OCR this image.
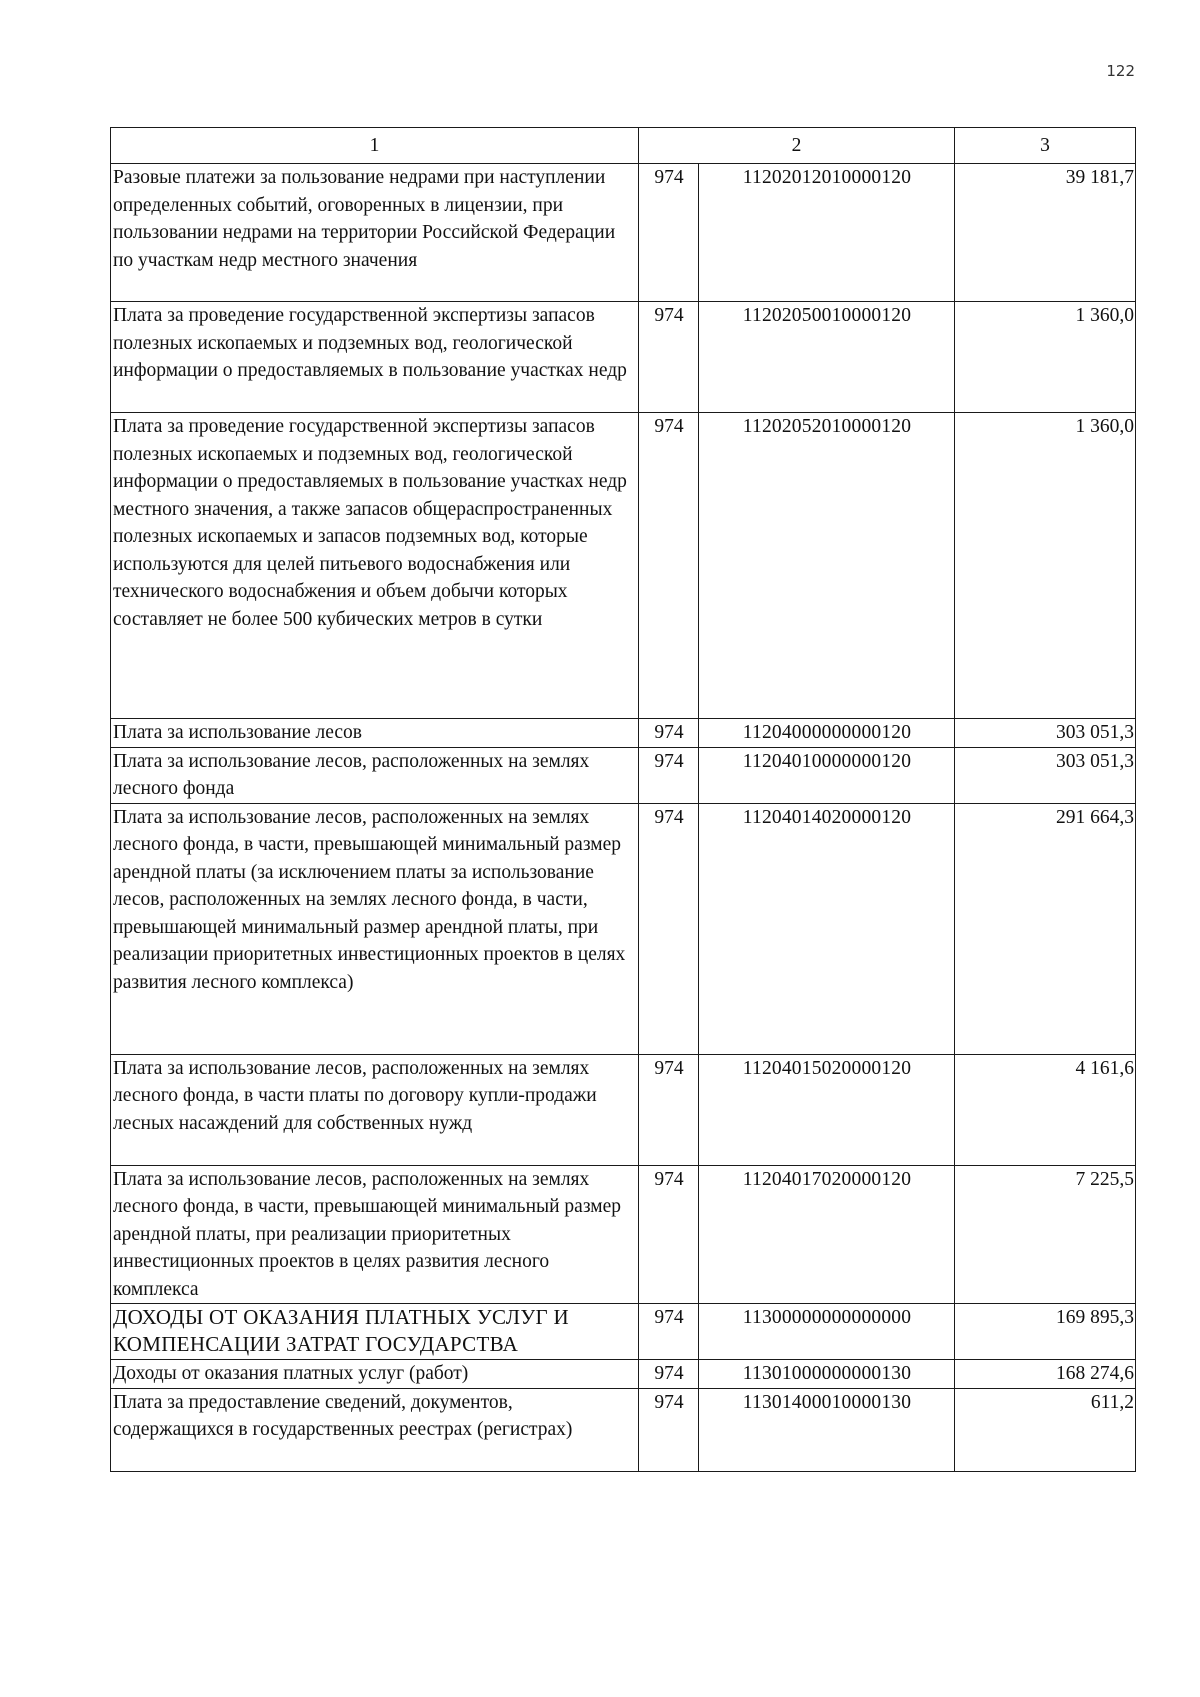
122
1	2		3
Разовые платежи за пользование недрами при наступлении определенных событий, оговоренных в лицензии, при пользовании недрами на территории Российской Федерации по участкам недр местного значения	974	11202012010000120	39 181,7
Плата за проведение государственной экспертизы запасов полезных ископаемых и подземных вод, геологической информации о предоставляемых в пользование участках недр	974	11202050010000120	1 360,0
Плата за проведение государственной экспертизы запасов полезных ископаемых и подземных вод, геологической информации о предоставляемых в пользование участках недр местного значения, а также запасов общераспространенных полезных ископаемых и запасов подземных вод, которые используются для целей питьевого водоснабжения или технического водоснабжения и объем добычи которых составляет не более 500 кубических метров в сутки	974	11202052010000120	1 360,0
Плата за использование лесов	974	11204000000000120	303 051,3
Плата за использование лесов, расположенных на землях лесного фонда	974	11204010000000120	303 051,3
Плата за использование лесов, расположенных на землях лесного фонда, в части, превышающей минимальный размер арендной платы (за исключением платы за использование лесов, расположенных на землях лесного фонда, в части, превышающей минимальный размер арендной платы, при реализации приоритетных инвестиционных проектов в целях развития лесного комплекса)	974	11204014020000120	291 664,3
Плата за использование лесов, расположенных на землях лесного фонда, в части платы по договору купли-продажи лесных насаждений для собственных нужд	974	11204015020000120	4 161,6
Плата за использование лесов, расположенных на землях лесного фонда, в части, превышающей минимальный размер арендной платы, при реализации приоритетных инвестиционных проектов в целях развития лесного комплекса	974	11204017020000120	7 225,5
ДОХОДЫ ОТ ОКАЗАНИЯ ПЛАТНЫХ УСЛУГ И КОМПЕНСАЦИИ ЗАТРАТ ГОСУДАРСТВА	974	11300000000000000	169 895,3
Доходы от оказания платных услуг (работ)	974	11301000000000130	168 274,6
Плата за предоставление сведений, документов, содержащихся в государственных реестрах (регистрах)	974	11301400010000130	611,2
